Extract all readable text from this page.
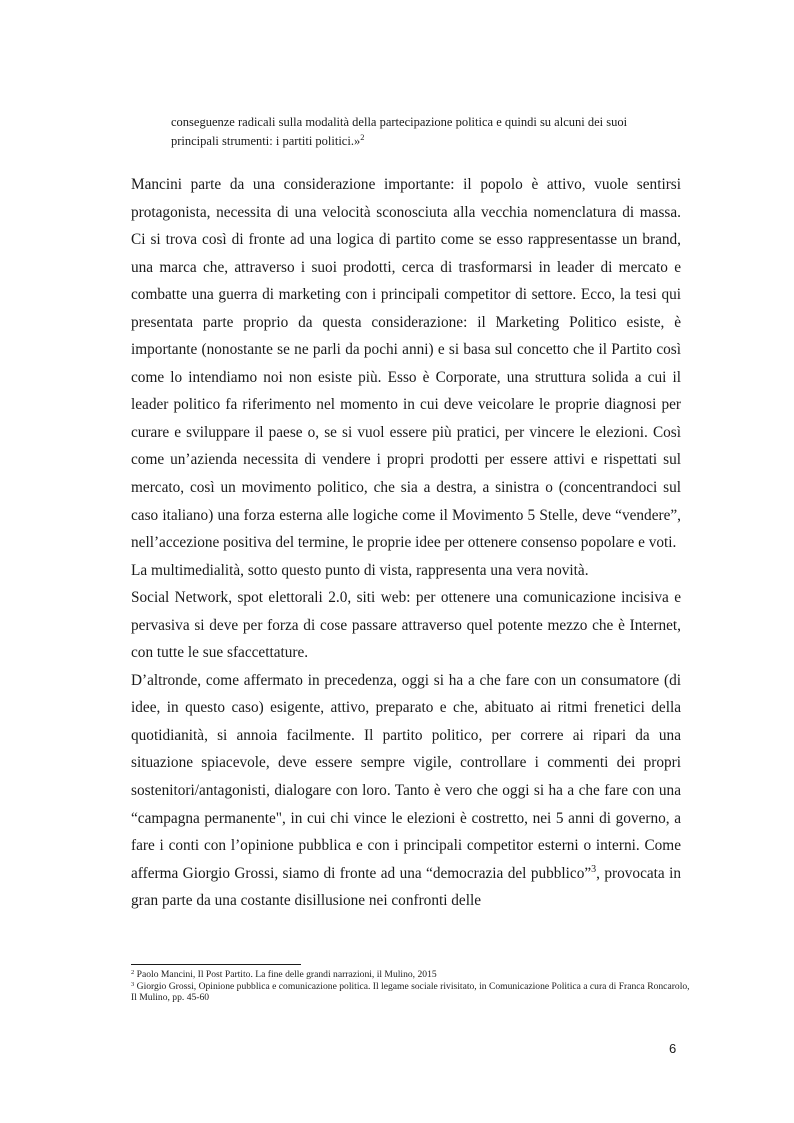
conseguenze radicali sulla modalità della partecipazione politica e quindi su alcuni dei suoi principali strumenti: i partiti politici.»$^2$

Mancini parte da una considerazione importante: il popolo è attivo, vuole sentirsi protagonista, necessita di una velocità sconosciuta alla vecchia nomenclatura di massa. Ci si trova così di fronte ad una logica di partito come se esso rappresentasse un brand, una marca che, attraverso i suoi prodotti, cerca di trasformarsi in leader di mercato e combatte una guerra di marketing con i principali competitor di settore. Ecco, la tesi qui presentata parte proprio da questa considerazione: il Marketing Politico esiste, è importante (nonostante se ne parli da pochi anni) e si basa sul concetto che il Partito così come lo intendiamo noi non esiste più. Esso è Corporate, una struttura solida a cui il leader politico fa riferimento nel momento in cui deve veicolare le proprie diagnosi per curare e sviluppare il paese o, se si vuol essere più pratici, per vincere le elezioni. Così come un’azienda necessita di vendere i propri prodotti per essere attivi e rispettati sul mercato, così un movimento politico, che sia a destra, a sinistra o (concentrandoci sul caso italiano) una forza esterna alle logiche come il Movimento 5 Stelle, deve “vendere”, nell’accezione positiva del termine, le proprie idee per ottenere consenso popolare e voti.

La multimedialità, sotto questo punto di vista, rappresenta una vera novità.

Social Network, spot elettorali 2.0, siti web: per ottenere una comunicazione incisiva e pervasiva si deve per forza di cose passare attraverso quel potente mezzo che è Internet, con tutte le sue sfaccettature.

D’altronde, come affermato in precedenza, oggi si ha a che fare con un consumatore (di idee, in questo caso) esigente, attivo, preparato e che, abituato ai ritmi frenetici della quotidianità, si annoia facilmente. Il partito politico, per correre ai ripari da una situazione spiacevole, deve essere sempre vigile, controllare i commenti dei propri sostenitori/antagonisti, dialogare con loro. Tanto è vero che oggi si ha a che fare con una “campagna permanente", in cui chi vince le elezioni è costretto, nei 5 anni di governo, a fare i conti con l’opinione pubblica e con i principali competitor esterni o interni. Come afferma Giorgio Grossi, siamo di fronte ad una “democrazia del pubblico”$^3$, provocata in gran parte da una costante disillusione nei confronti delle

$^2$ Paolo Mancini, Il Post Partito. La fine delle grandi narrazioni, il Mulino, 2015

$^3$ Giorgio Grossi, Opinione pubblica e comunicazione politica. Il legame sociale rivisitato, in Comunicazione Politica a cura di Franca Roncarolo, Il Mulino, pp. 45-60

6
